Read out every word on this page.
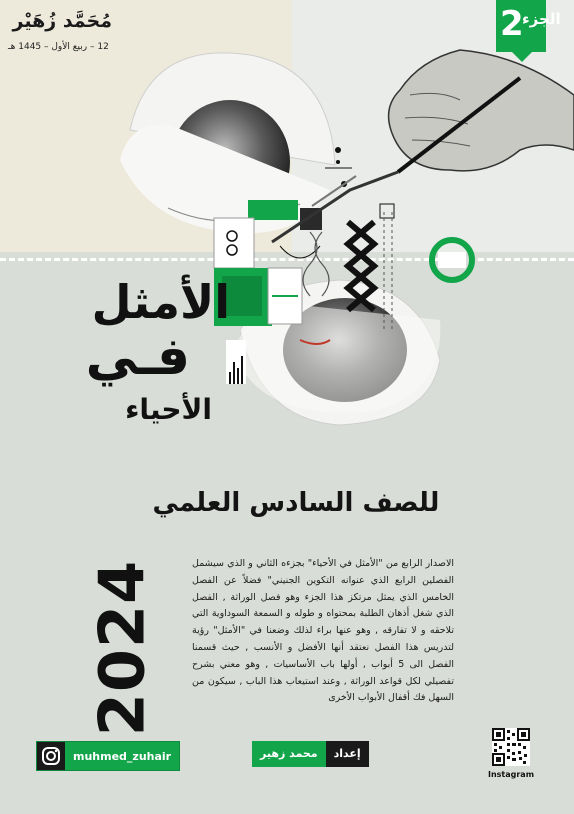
مُحَمَّد زُهَيْر
12 – ربيع الأول – 1445 هـ
الجزء
2
الأمثل
فـي
الأحياء
للصف السادس العلمي
2024	الاصدار الرابع من "الأمثل في الأحياء" بجزءه الثاني و الذي سيشمل الفصلين الرابع الذي عنوانه التكوين الجنيني" فضلاً عن الفصل الخامس الذي يمثل مرتكز هذا الجزء وهو فصل الوراثة , الفصل الذي شغل أذهان الطلبة بمحتواه و طوله و السمعة السوداوية التي تلاحقه و لا تفارقه , وهو عنها براء لذلك وضعنا في "الأمثل" رؤية لتدريس هذا الفصل نعتقد أنها الأفضل و الأنسب , حيث قسمنا الفصل الى 5 أبواب , أولها باب الأساسيات , وهو معني بشرح تفصيلي لكل قواعد الوراثة , وعند استيعاب هذا الباب , سيكون من السهل فك أقفال الأبواب الأخرى
إعداد
محمد زهير
muhmed_zuhair
Instagram
